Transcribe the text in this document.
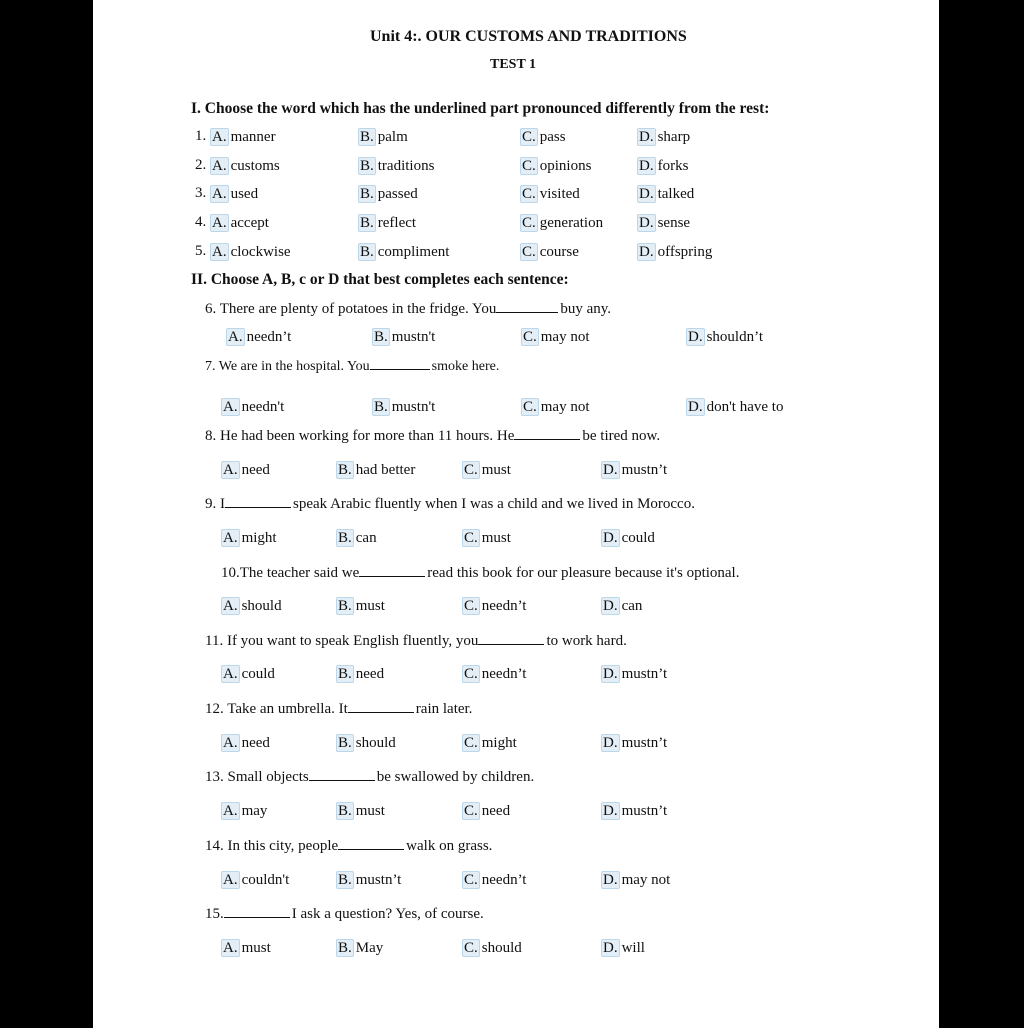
Unit 4:. OUR CUSTOMS AND TRADITIONS
TEST 1
I. Choose the word which has the underlined part pronounced differently from the rest:
1. A. manner	B. palm	C. pass	D. sharp
2. A. customs	B. traditions	C. opinions	D. forks
3. A. used	B. passed	C. visited	D. talked
4. A. accept	B. reflect	C. generation D. sense
5. A. clockwise	B. compliment	C. course	D. offspring
II. Choose A, B, c or D that best completes each sentence:
6. There are plenty of potatoes in the fridge. You	buy any.
A. needn’t	B. mustn't	C. may not	D. shouldn’t
7. We are in the hospital. You	smoke here.
A. needn't	B. mustn't	C. may not	D. don't have to
8. He had been working for more than 11 hours. He	be tired now.
A. need	B. had better	C. must	D. mustn’t
9. I	speak Arabic fluently when I was a child and we lived in Morocco.
A. might	B. can	C. must	D. could
10.The teacher said we	read this book for our pleasure because it's optional.
A. should	B. must	C. needn’t	D. can
11. If you want to speak English fluently, you	to work hard.
A. could	B. need	C. needn’t	D. mustn’t
12. Take an umbrella. It	rain later.
A. need	B. should	C. might	D. mustn’t
13. Small objects	be swallowed by children.
A. may	B. must	C. need	D. mustn’t
14. In this city, people	walk on grass.
A. couldn't	B. mustn’t	C. needn’t	D. may not
15.	I ask a question? Yes, of course.
A. must	B. May	C. should	D. will
